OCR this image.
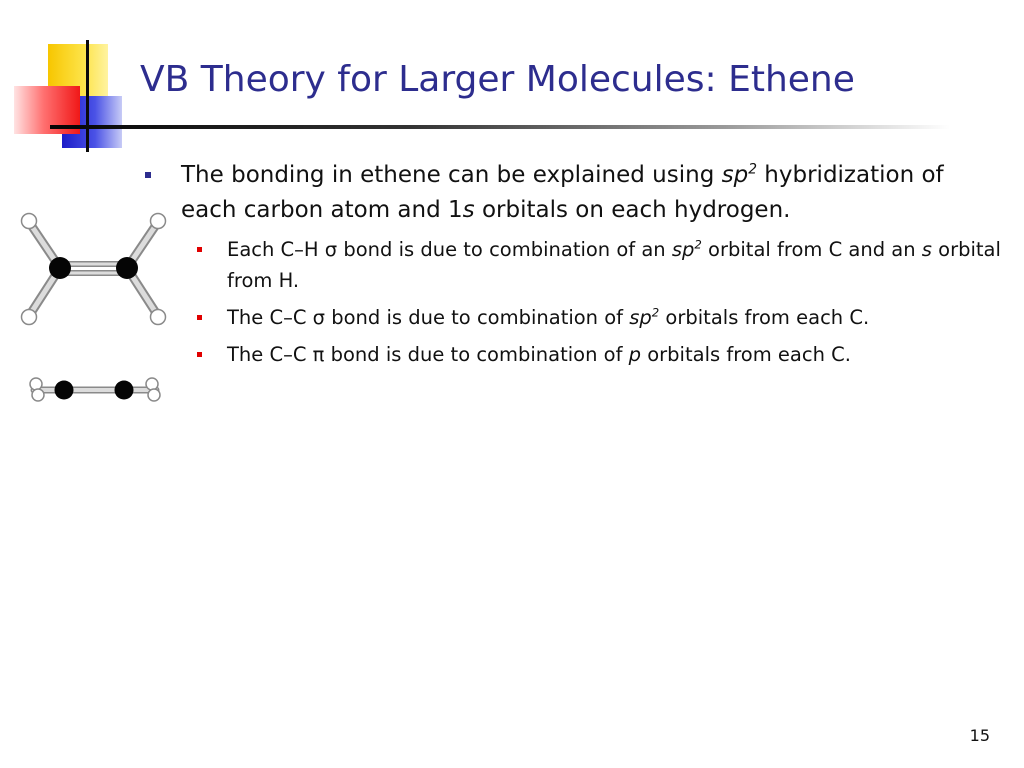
VB Theory for Larger Molecules: Ethene
The bonding in ethene can be explained using $sp^2$ hybridization of each carbon atom and 1s orbitals on each hydrogen.
Each C–H σ bond is due to combination of an $sp^2$ orbital from C and an s orbital from H.
The C–C σ bond is due to combination of $sp^2$ orbitals from each C.
The C–C π bond is due to combination of p orbitals from each C.
15
